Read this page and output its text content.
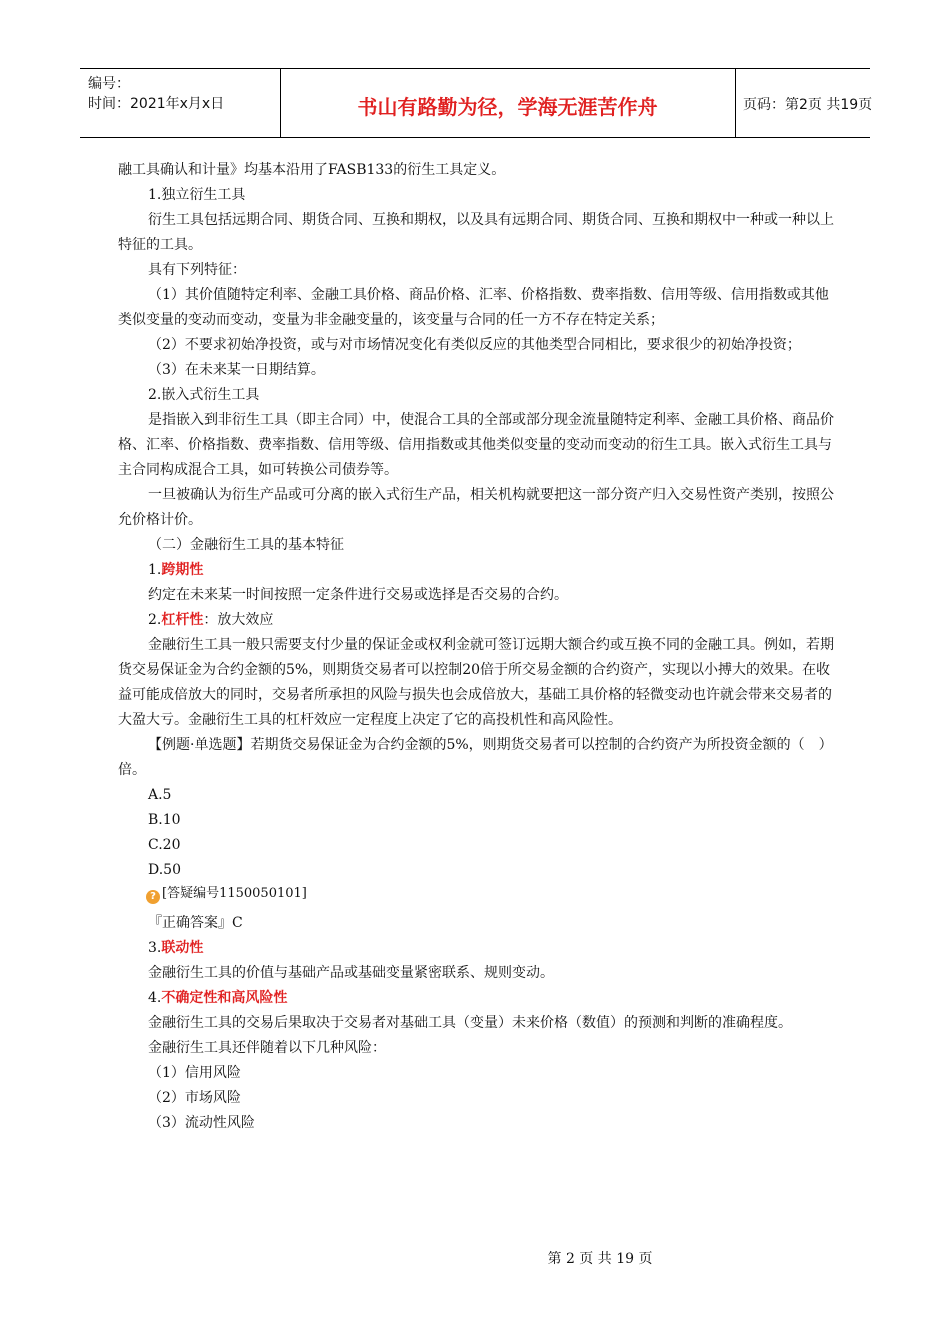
编号：
时间：2021年x月x日	书山有路勤为径，学海无涯苦作舟	页码：第2页 共19页

融工具确认和计量》均基本沿用了FASB133的衍生工具定义。

1.独立衍生工具

衍生工具包括远期合同、期货合同、互换和期权，以及具有远期合同、期货合同、互换和期权中一种或一种以上特征的工具。

具有下列特征：

（1）其价值随特定利率、金融工具价格、商品价格、汇率、价格指数、费率指数、信用等级、信用指数或其他类似变量的变动而变动，变量为非金融变量的，该变量与合同的任一方不存在特定关系；

（2）不要求初始净投资，或与对市场情况变化有类似反应的其他类型合同相比，要求很少的初始净投资；

（3）在未来某一日期结算。

2.嵌入式衍生工具

是指嵌入到非衍生工具（即主合同）中，使混合工具的全部或部分现金流量随特定利率、金融工具价格、商品价格、汇率、价格指数、费率指数、信用等级、信用指数或其他类似变量的变动而变动的衍生工具。嵌入式衍生工具与主合同构成混合工具，如可转换公司债券等。

一旦被确认为衍生产品或可分离的嵌入式衍生产品，相关机构就要把这一部分资产归入交易性资产类别，按照公允价格计价。

（二）金融衍生工具的基本特征

1.跨期性

约定在未来某一时间按照一定条件进行交易或选择是否交易的合约。

2.杠杆性：放大效应

金融衍生工具一般只需要支付少量的保证金或权利金就可签订远期大额合约或互换不同的金融工具。例如，若期货交易保证金为合约金额的5%，则期货交易者可以控制20倍于所交易金额的合约资产，实现以小搏大的效果。在收益可能成倍放大的同时，交易者所承担的风险与损失也会成倍放大，基础工具价格的轻微变动也许就会带来交易者的大盈大亏。金融衍生工具的杠杆效应一定程度上决定了它的高投机性和高风险性。

【例题·单选题】若期货交易保证金为合约金额的5%，则期货交易者可以控制的合约资产为所投资金额的（　）倍。

A.5

B.10

C.20

D.50

? [答疑编号1150050101]

『正确答案』C

3.联动性

金融衍生工具的价值与基础产品或基础变量紧密联系、规则变动。

4.不确定性和高风险性

金融衍生工具的交易后果取决于交易者对基础工具（变量）未来价格（数值）的预测和判断的准确程度。

金融衍生工具还伴随着以下几种风险：

（1）信用风险

（2）市场风险

（3）流动性风险

第 2 页 共 19 页
